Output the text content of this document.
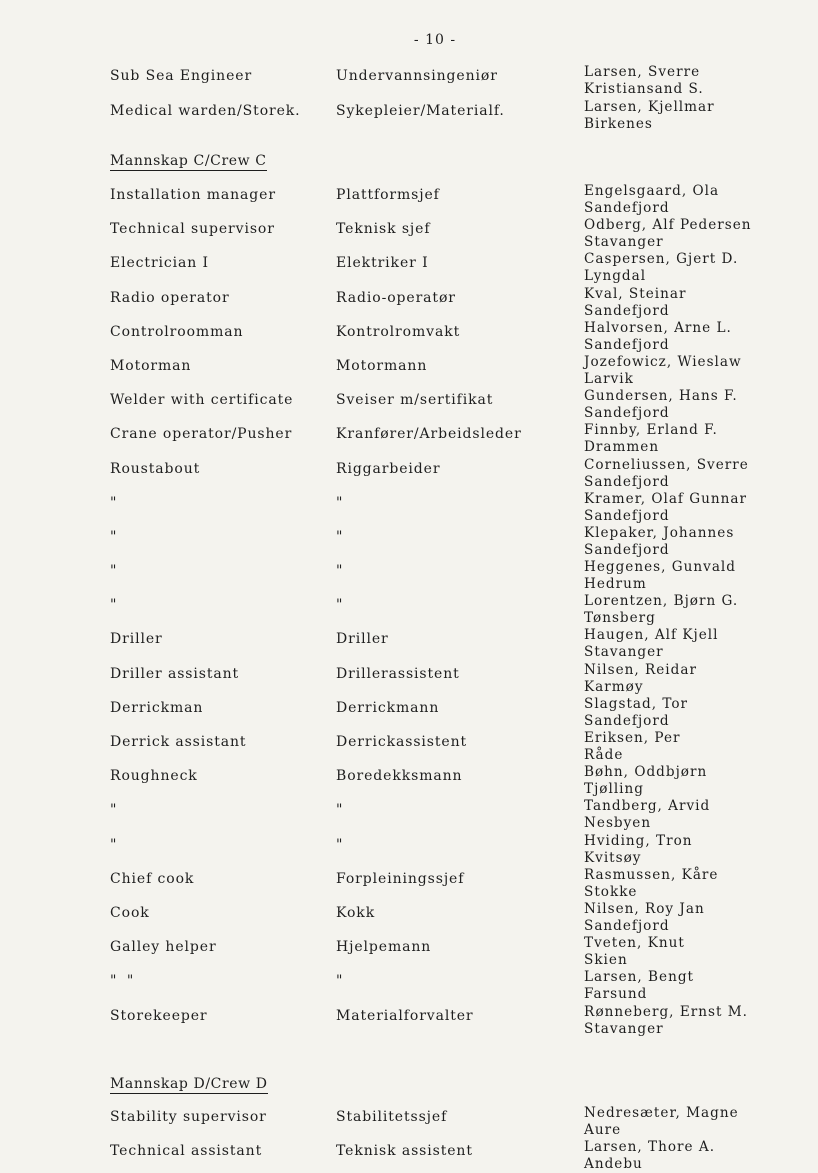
- 10 -
Sub Sea Engineer	Undervannsingeniør	Larsen, Sverre
Kristiansand S.
Medical warden/Storek.	Sykepleier/Materialf.	Larsen, Kjellmar
Birkenes
Mannskap C/Crew C
Installation manager	Plattformsjef	Engelsgaard, Ola
Sandefjord
Technical supervisor	Teknisk sjef	Odberg, Alf Pedersen
Stavanger
Electrician I	Elektriker I	Caspersen, Gjert D.
Lyngdal
Radio operator	Radio-operatør	Kval, Steinar
Sandefjord
Controlroomman	Kontrolromvakt	Halvorsen, Arne L.
Sandefjord
Motorman	Motormann	Jozefowicz, Wieslaw
Larvik
Welder with certificate	Sveiser m/sertifikat	Gundersen, Hans F.
Sandefjord
Crane operator/Pusher	Kranfører/Arbeidsleder	Finnby, Erland F.
Drammen
Roustabout	Riggarbeider	Corneliussen, Sverre
Sandefjord
"	"	Kramer, Olaf Gunnar
Sandefjord
"	"	Klepaker, Johannes
Sandefjord
"	"	Heggenes, Gunvald
Hedrum
"	"	Lorentzen, Bjørn G.
Tønsberg
Driller	Driller	Haugen, Alf Kjell
Stavanger
Driller assistant	Drillerassistent	Nilsen, Reidar
Karmøy
Derrickman	Derrickmann	Slagstad, Tor
Sandefjord
Derrick assistant	Derrickassistent	Eriksen, Per
Råde
Roughneck	Boredekksmann	Bøhn, Oddbjørn
Tjølling
"	"	Tandberg, Arvid
Nesbyen
"	"	Hviding, Tron
Kvitsøy
Chief cook	Forpleiningssjef	Rasmussen, Kåre
Stokke
Cook	Kokk	Nilsen, Roy Jan
Sandefjord
Galley helper	Hjelpemann	Tveten, Knut
Skien
" "	"	Larsen, Bengt
Farsund
Storekeeper	Materialforvalter	Rønneberg, Ernst M.
Stavanger
Mannskap D/Crew D
Stability supervisor	Stabilitetssjef	Nedresæter, Magne
Aure
Technical assistant	Teknisk assistent	Larsen, Thore A.
Andebu
